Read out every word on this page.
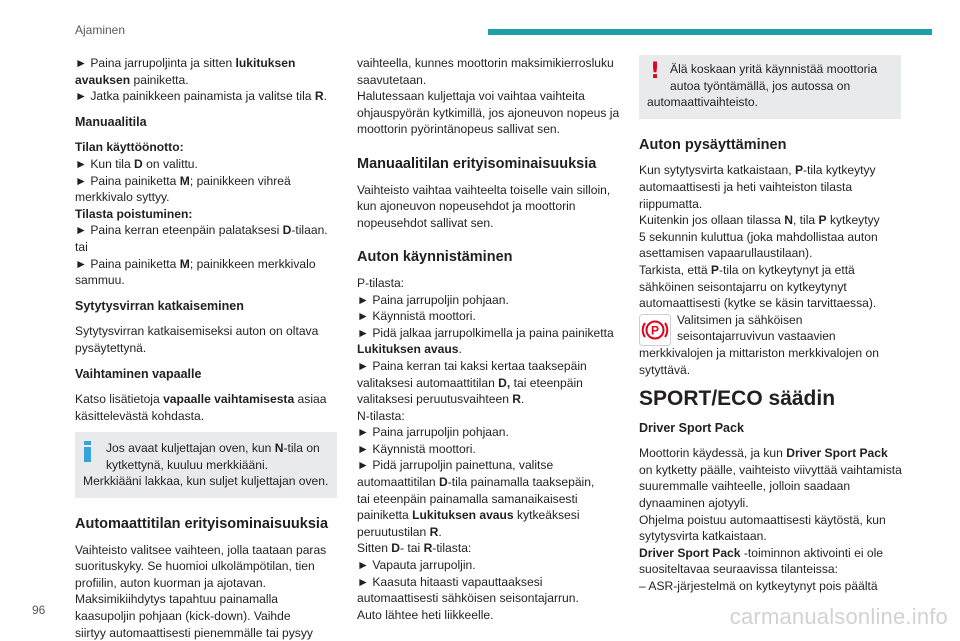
Ajaminen
► Paina jarrupoljinta ja sitten lukituksen
avauksen painiketta.
► Jatka painikkeen painamista ja valitse tila R.
Manuaalitila
Tilan käyttöönotto:
► Kun tila D on valittu.
► Paina painiketta M; painikkeen vihreä
merkkivalo syttyy.
Tilasta poistuminen:
► Paina kerran eteenpäin palataksesi D-tilaan.
tai
► Paina painiketta M; painikkeen merkkivalo
sammuu.
Sytytysvirran katkaiseminen
Sytytysvirran katkaisemiseksi auton on oltava
pysäytettynä.
Vaihtaminen vapaalle
Katso lisätietoja vapaalle vaihtamisesta asiaa
käsittelevästä kohdasta.
Jos avaat kuljettajan oven, kun N-tila on
kytkettynä, kuuluu merkkiääni.
Merkkiääni lakkaa, kun suljet kuljettajan oven.
Automaattitilan erityisominaisuuksia
Vaihteisto valitsee vaihteen, jolla taataan paras
suorituskyky. Se huomioi ulkolämpötilan, tien
profiilin, auton kuorman ja ajotavan.
Maksimikiihdytys tapahtuu painamalla
kaasupoljin pohjaan (kick-down). Vaihde
siirtyy automaattisesti pienemmälle tai pysyy
vaihteella, kunnes moottorin maksimikierrosluku
saavutetaan.
Halutessaan kuljettaja voi vaihtaa vaihteita
ohjauspyörän kytkimillä, jos ajoneuvon nopeus ja
moottorin pyörintänopeus sallivat sen.
Manuaalitilan erityisominaisuuksia
Vaihteisto vaihtaa vaihteelta toiselle vain silloin,
kun ajoneuvon nopeusehdot ja moottorin
nopeusehdot sallivat sen.
Auton käynnistäminen
P-tilasta:
► Paina jarrupoljin pohjaan.
► Käynnistä moottori.
► Pidä jalkaa jarrupolkimella ja paina painiketta
Lukituksen avaus.
► Paina kerran tai kaksi kertaa taaksepäin
valitaksesi automaattitilan D, tai eteenpäin
valitaksesi peruutusvaihteen R.
N-tilasta:
► Paina jarrupoljin pohjaan.
► Käynnistä moottori.
► Pidä jarrupoljin painettuna, valitse
automaattitilan D-tila painamalla taaksepäin,
tai eteenpäin painamalla samanaikaisesti
painiketta Lukituksen avaus kytkeäksesi
peruutustilan R.
Sitten D- tai R-tilasta:
► Vapauta jarrupoljin.
► Kaasuta hitaasti vapauttaaksesi
automaattisesti sähköisen seisontajarrun.
Auto lähtee heti liikkeelle.
! Älä koskaan yritä käynnistää moottoria
autoa työntämällä, jos autossa on
automaattivaihteisto.
Auton pysäyttäminen
Kun sytytysvirta katkaistaan, P-tila kytkeytyy
automaattisesti ja heti vaihteiston tilasta
riippumatta.
Kuitenkin jos ollaan tilassa N, tila P kytkeytyy
5 sekunnin kuluttua (joka mahdollistaa auton
asettamisen vapaarullaustilaan).
Tarkista, että P-tila on kytkeytynyt ja että
sähköinen seisontajarru on kytkeytynyt
automaattisesti (kytke se käsin tarvittaessa).
P
Valitsimen ja sähköisen
seisontajarruvivun vastaavien
merkkivalojen ja mittariston merkkivalojen on
sytyttävä.
SPORT/ECO säädin
Driver Sport Pack
Moottorin käydessä, ja kun Driver Sport Pack
on kytketty päälle, vaihteisto viivyttää vaihtamista
suuremmalle vaihteelle, jolloin saadaan
dynaaminen ajotyyli.
Ohjelma poistuu automaattisesti käytöstä, kun
sytytysvirta katkaistaan.
Driver Sport Pack -toiminnon aktivointi ei ole
suositeltavaa seuraavissa tilanteissa:
– ASR-järjestelmä on kytkeytynyt pois päältä
96	carmanualsonline.info
